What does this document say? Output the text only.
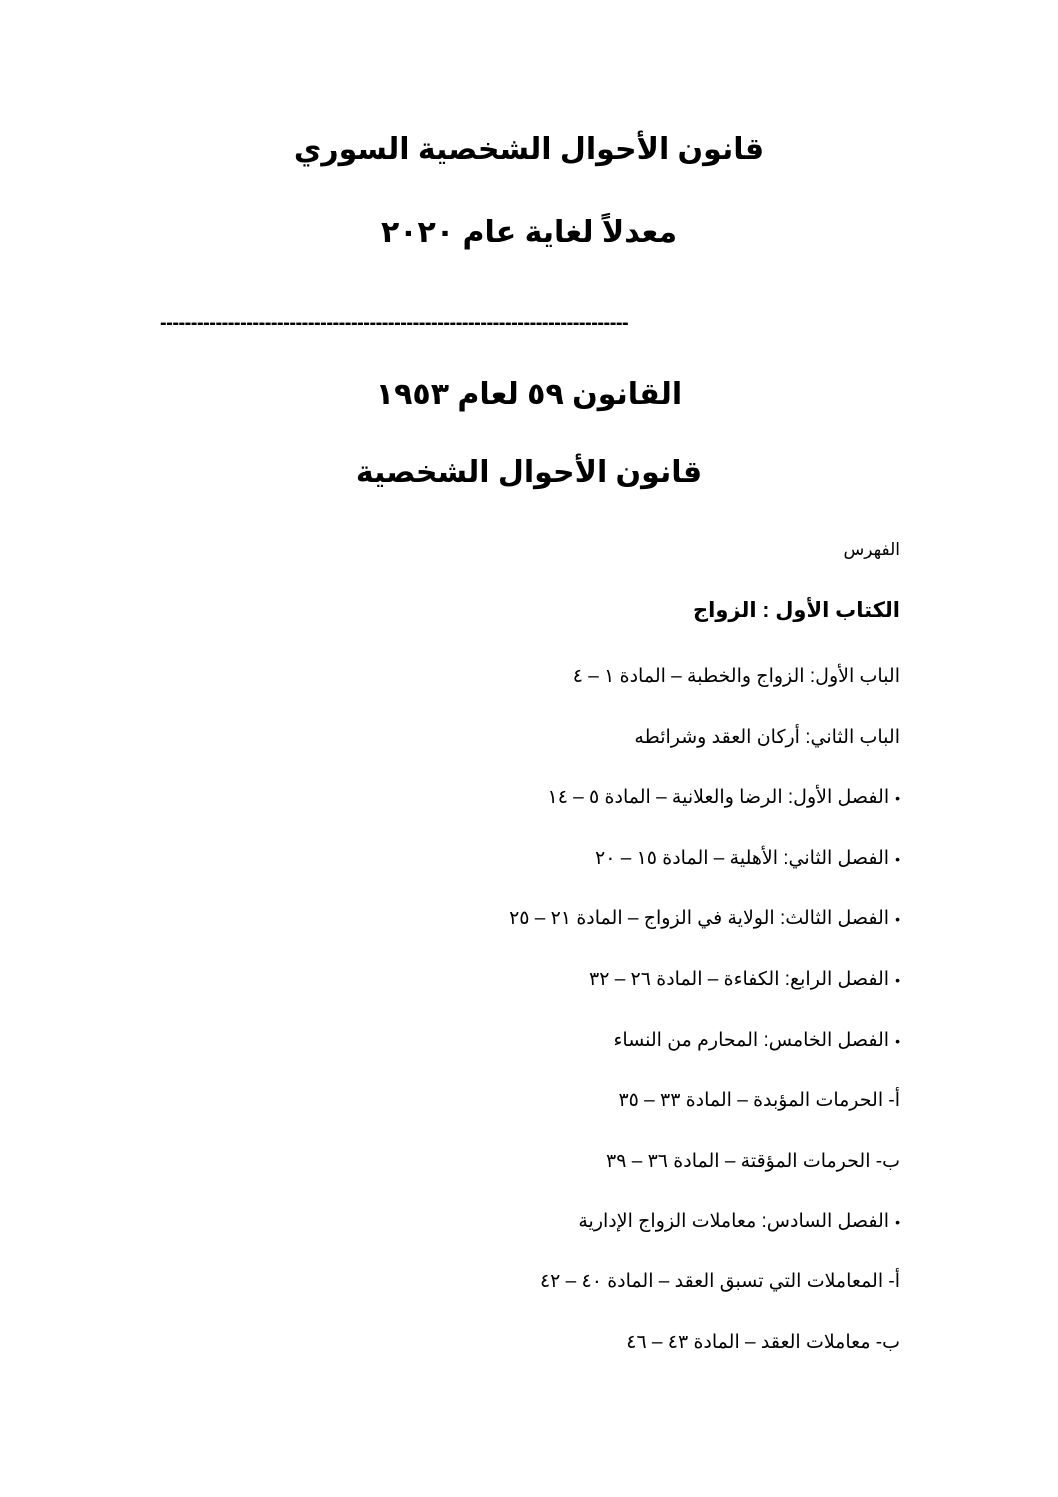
قانون الأحوال الشخصية السوري
معدلاً لغاية عام ٢٠٢٠
----------------------------------------------------------------------------
القانون ٥٩ لعام ١٩٥٣
قانون الأحوال الشخصية
الفهرس
الكتاب الأول : الزواج
الباب الأول: الزواج والخطبة – المادة ١ – ٤
الباب الثاني: أركان العقد وشرائطه
•الفصل الأول: الرضا والعلانية – المادة ٥ – ١٤
•الفصل الثاني: الأهلية – المادة ١٥ – ٢٠
•الفصل الثالث: الولاية في الزواج – المادة ٢١ – ٢٥
•الفصل الرابع: الكفاءة – المادة ٢٦ – ٣٢
•الفصل الخامس: المحارم من النساء
أ- الحرمات المؤبدة – المادة ٣٣ – ٣٥
ب- الحرمات المؤقتة – المادة ٣٦ – ٣٩
•الفصل السادس: معاملات الزواج الإدارية
أ- المعاملات التي تسبق العقد – المادة ٤٠ – ٤٢
ب- معاملات العقد – المادة ٤٣ – ٤٦
